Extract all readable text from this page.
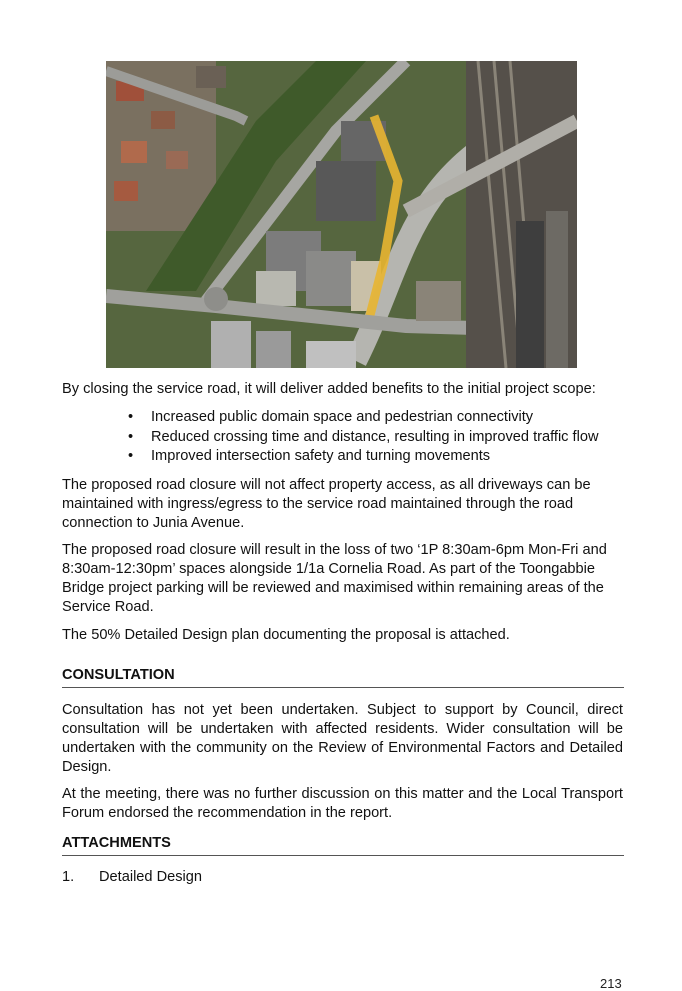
By closing the service road, it will deliver added benefits to the initial project scope:

• Increased public domain space and pedestrian connectivity
• Reduced crossing time and distance, resulting in improved traffic flow
• Improved intersection safety and turning movements

The proposed road closure will not affect property access, as all driveways can be maintained with ingress/egress to the service road maintained through the road connection to Junia Avenue.

The proposed road closure will result in the loss of two ‘1P 8:30am-6pm Mon-Fri and 8:30am-12:30pm’ spaces alongside 1/1a Cornelia Road. As part of the Toongabbie Bridge project parking will be reviewed and maximised within remaining areas of the Service Road.

The 50% Detailed Design plan documenting the proposal is attached.

CONSULTATION

Consultation has not yet been undertaken. Subject to support by Council, direct consultation will be undertaken with affected residents. Wider consultation will be undertaken with the community on the Review of Environmental Factors and Detailed Design.

At the meeting, there was no further discussion on this matter and the Local Transport Forum endorsed the recommendation in the report.

ATTACHMENTS
1. Detailed Design
213
